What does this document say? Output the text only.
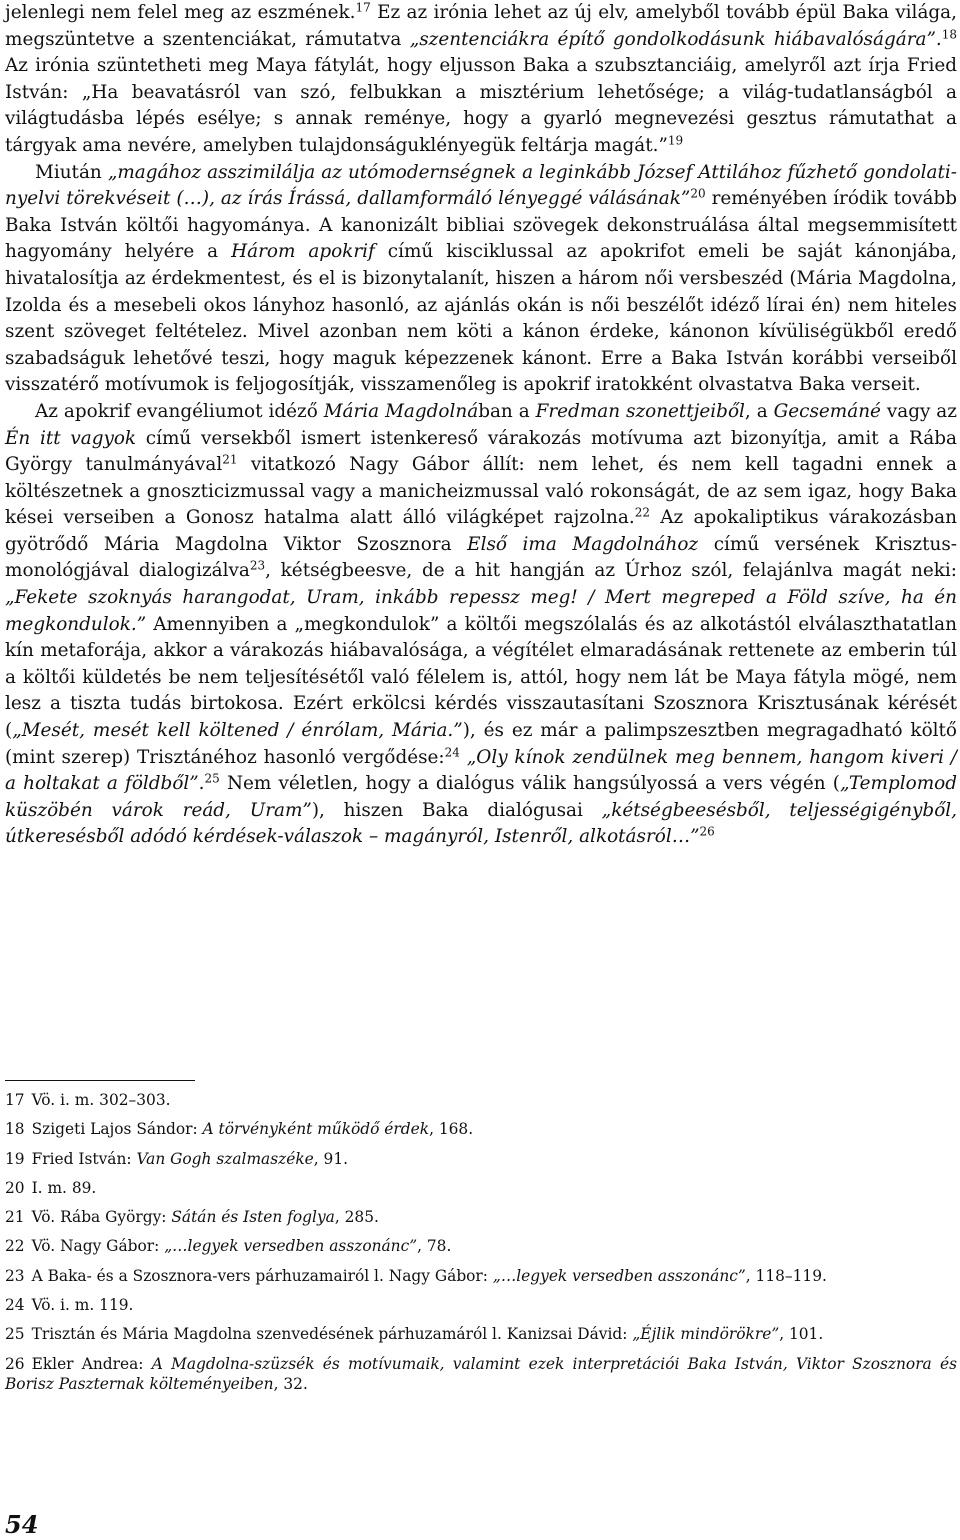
jelenlegi nem felel meg az eszmének.$^{17}$ Ez az irónia lehet az új elv, amelyből tovább épül Baka világa, megszüntetve a szentenciákat, rámutatva „szentenciákra építő gondolkodásunk hiábavalóságára”.$^{18}$ Az irónia szüntetheti meg Maya fátylát, hogy eljusson Baka a szubsztanciáig, amelyről azt írja Fried István: „Ha beavatásról van szó, felbukkan a misztérium lehetősége; a világ-tudatlanságból a világtudásba lépés esélye; s annak reménye, hogy a gyarló megnevezési gesztus rámutathat a tárgyak ama nevére, amelyben tulajdonságuklényegük feltárja magát.”$^{19}$

Miután „magához asszimilálja az utómodernségnek a leginkább József Attilához fűzhető gondolati-nyelvi törekvéseit (…), az írás Írássá, dallamformáló lényeggé válásának”$^{20}$ reményében íródik tovább Baka István költői hagyománya. A kanonizált bibliai szövegek dekonstruálása által megsemmisített hagyomány helyére a Három apokrif című kisciklussal az apokrifot emeli be saját kánonjába, hivatalosítja az érdekmentest, és el is bizonytalanít, hiszen a három női versbeszéd (Mária Magdolna, Izolda és a mesebeli okos lányhoz hasonló, az ajánlás okán is női beszélőt idéző lírai én) nem hiteles szent szöveget feltételez. Mivel azonban nem köti a kánon érdeke, kánonon kívüliségükből eredő szabadságuk lehetővé teszi, hogy maguk képezzenek kánont. Erre a Baka István korábbi verseiből visszatérő motívumok is feljogosítják, visszamenőleg is apokrif iratokként olvastatva Baka verseit.

Az apokrif evangéliumot idéző Mária Magdolnában a Fredman szonettjeiből, a Gecsemáné vagy az Én itt vagyok című versekből ismert istenkereső várakozás motívuma azt bizonyítja, amit a Rába György tanulmányával$^{21}$ vitatkozó Nagy Gábor állít: nem lehet, és nem kell tagadni ennek a költészetnek a gnoszticizmussal vagy a manicheizmussal való rokonságát, de az sem igaz, hogy Baka kései verseiben a Gonosz hatalma alatt álló világképet rajzolna.$^{22}$ Az apokaliptikus várakozásban gyötrődő Mária Magdolna Viktor Szosznora Első ima Magdolnához című versének Krisztus-monológjával dialogizálva$^{23}$, kétségbeesve, de a hit hangján az Úrhoz szól, felajánlva magát neki: „Fekete szoknyás harangodat, Uram, inkább repessz meg! / Mert megreped a Föld szíve, ha én megkondulok.” Amennyiben a „megkondulok” a költői megszólalás és az alkotástól elválaszthatatlan kín metaforája, akkor a várakozás hiábavalósága, a végítélet elmaradásának rettenete az emberin túl a költői küldetés be nem teljesítésétől való félelem is, attól, hogy nem lát be Maya fátyla mögé, nem lesz a tiszta tudás birtokosa. Ezért erkölcsi kérdés visszautasítani Szosznora Krisztusának kérését („Mesét, mesét kell költened / énrólam, Mária.”), és ez már a palimpszesztben megragadható költő (mint szerep) Trisztánéhoz hasonló vergődése:$^{24}$ „Oly kínok zendülnek meg bennem, hangom kiveri / a holtakat a földből”.$^{25}$ Nem véletlen, hogy a dialógus válik hangsúlyossá a vers végén („Templomod küszöbén várok reád, Uram”), hiszen Baka dialógusai „kétségbeesésből, teljességigényből, útkeresésből adódó kérdések-válaszok – magányról, Istenről, alkotásról…”$^{26}$

17 Vö. i. m. 302–303.

18 Szigeti Lajos Sándor: A törvényként működő érdek, 168.

19 Fried István: Van Gogh szalmaszéke, 91.

20 I. m. 89.

21 Vö. Rába György: Sátán és Isten foglya, 285.

22 Vö. Nagy Gábor: „…legyek versedben asszonánc”, 78.

23 A Baka- és a Szosznora-vers párhuzamairól l. Nagy Gábor: „…legyek versedben asszonánc”, 118–119.

24 Vö. i. m. 119.

25 Trisztán és Mária Magdolna szenvedésének párhuzamáról l. Kanizsai Dávid: „Éjlik mindörökre”, 101.

26 Ekler Andrea: A Magdolna-szüzsék és motívumaik, valamint ezek interpretációi Baka István, Viktor Szosznora és Borisz Paszternak költeményeiben, 32.

54
